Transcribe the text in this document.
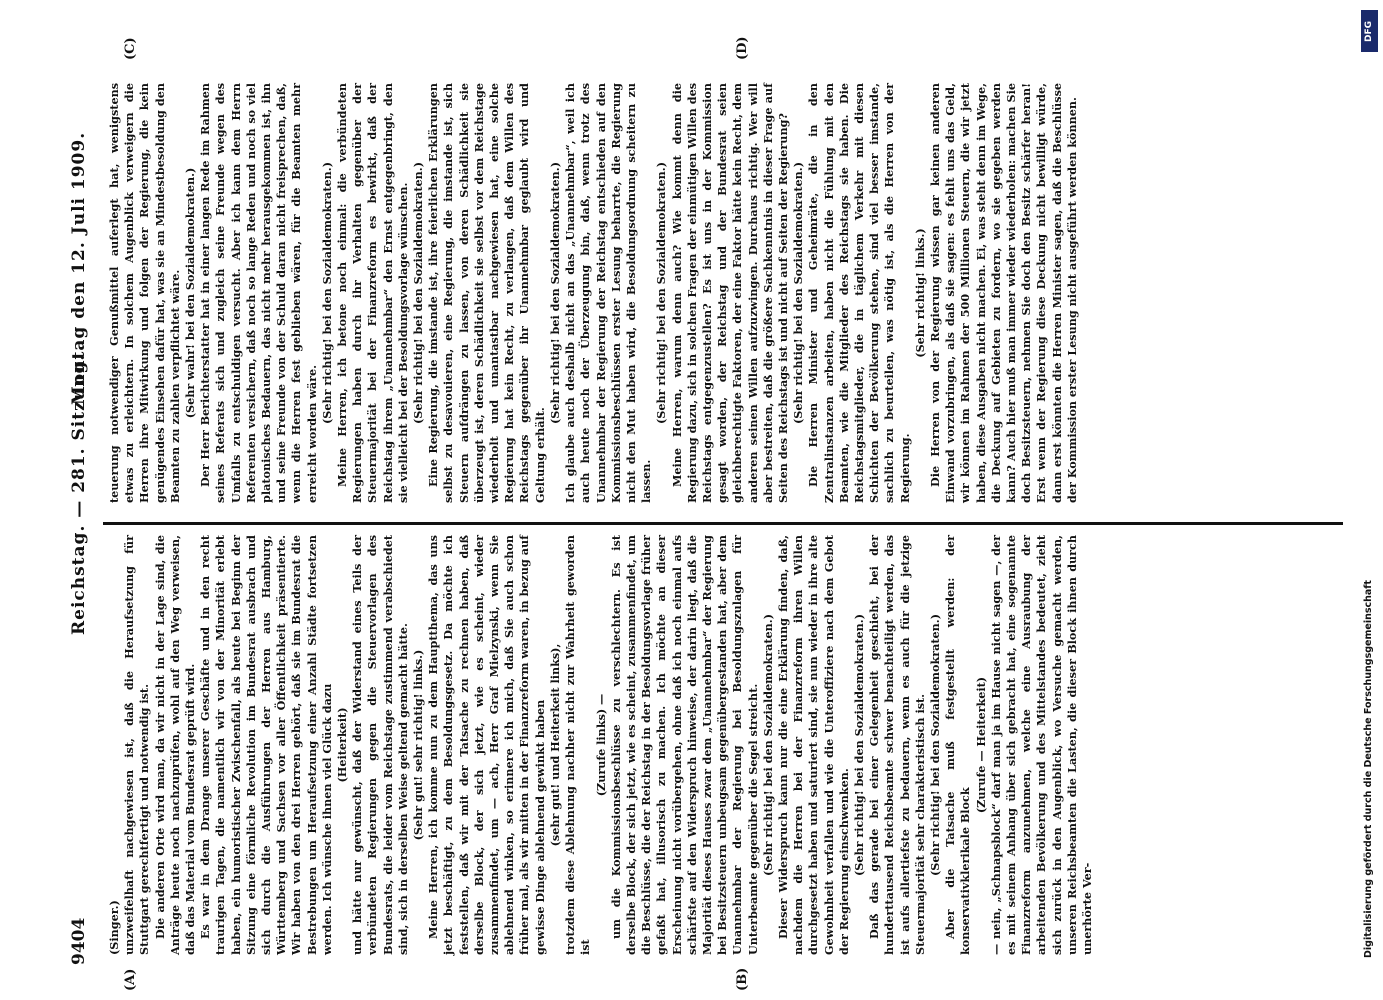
9404
Reichstag. — 281. Sitzung.
Montag den 12. Juli 1909.

(Singer.) unzweifelhaft nachgewiesen ist, daß die Heraufsetzung für Stuttgart gerechtfertigt und notwendig ist. Die anderen Orte wird man, da wir nicht in der Lage sind, die Anträge heute noch nachzuprüfen, wohl auf den Weg verweisen, daß das Material vom Bundesrat geprüft wird. Es war in dem Drange unserer Geschäfte und in den recht traurigen Tagen, die namentlich wir von der Minorität erlebt haben, ein humoristischer Zwischenfall, als heute bei Beginn der Sitzung eine förmliche Revolution im Bundesrat ausbrach und sich durch die Ausführungen der Herren aus Hamburg, Württemberg und Sachsen vor aller Öffentlichkeit präsentierte. Wir haben von den drei Herren gehört, daß sie im Bundesrat die Bestrebungen um Heraufsetzung einer Anzahl Städte fortsetzen werden. Ich wünsche ihnen viel Glück dazu (Heiterkeit) und hätte nur gewünscht, daß der Widerstand eines Teils der verbündeten Regierungen gegen die Steuervorlagen des Bundesrats, die leider vom Reichstage zustimmend verabschiedet sind, sich in derselben Weise geltend gemacht hätte. (Sehr gut! sehr richtig! links.) Meine Herren, ich komme nun zu dem Hauptthema, das uns jetzt beschäftigt, zu dem Besoldungsgesetz. Da möchte ich feststellen, daß wir mit der Tatsache zu rechnen haben, daß derselbe Block, der sich jetzt, wie es scheint, wieder zusammenfindet, um — ach, Herr Graf Mielzynski, wenn Sie ablehnend winken, so erinnere ich mich, daß Sie auch schon früher mal, als wir mitten in der Finanzreform waren, in bezug auf gewisse Dinge ablehnend gewinkt haben (sehr gut! und Heiterkeit links), trotzdem diese Ablehnung nachher nicht zur Wahrheit geworden ist

(Zurufe links) — um die Kommissionsbeschlüsse zu verschlechtern. Es ist derselbe Block, der sich jetzt, wie es scheint, zusammenfindet, um die Beschlüsse, die der Reichstag in der Besoldungsvorlage früher gefaßt hat, illusorisch zu machen. Ich möchte an dieser Erscheinung nicht vorübergehen, ohne daß ich noch einmal aufs schärfste auf den Widerspruch hinweise, der darin liegt, daß die Majorität dieses Hauses zwar dem „Unannehmbar“ der Regierung bei Besitzsteuern unbeugsam gegenübergestanden hat, aber dem Unannehmbar der Regierung bei Besoldungszulagen für Unterbeamte gegenüber die Segel streicht. (Sehr richtig! bei den Sozialdemokraten.) Dieser Widerspruch kann nur die eine Erklärung finden, daß, nachdem die Herren bei der Finanzreform ihren Willen durchgesetzt haben und saturiert sind, sie nun wieder in ihre alte Gewohnheit verfallen und wie die Unteroffiziere nach dem Gebot der Regierung einschwenken. (Sehr richtig! bei den Sozialdemokraten.) Daß das gerade bei einer Gelegenheit geschieht, bei der hunderttausend Reichsbeamte schwer benachteiligt werden, das ist aufs allertiefste zu bedauern, wenn es auch für die jetzige Steuermajorität sehr charakteristisch ist. (Sehr richtig! bei den Sozialdemokraten.) Aber die Tatsache muß festgestellt werden: der konservativklerikale Block

(Zurufe — Heiterkeit) — nein, „Schnapsblock“ darf man ja im Hause nicht sagen —, der es mit seinem Anhang über sich gebracht hat, eine sogenannte Finanzreform anzunehmen, welche eine Ausraubung der arbeitenden Bevölkerung und des Mittelstandes bedeutet, zieht sich zurück in den Augenblick, wo Versuche gemacht werden, unseren Reichsbeamten die Lasten, die dieser Block ihnen durch unerhörte Ver-

teuerung notwendiger Genußmittel auferlegt hat, wenigstens etwas zu erleichtern. In solchem Augenblick verweigern die Herren ihre Mitwirkung und folgen der Regierung, die kein genügendes Einsehen dafür hat, was sie an Mindestbesoldung den Beamten zu zahlen verpflichtet wäre. (Sehr wahr! bei den Sozialdemokraten.) Der Herr Berichterstatter hat in einer langen Rede im Rahmen seines Referats sich und zugleich seine Freunde wegen des Umfalls zu entschuldigen versucht. Aber ich kann dem Herrn Referenten versichern, daß noch so lange Reden und noch so viel platonisches Bedauern, das nicht mehr herausgekommen ist, ihn und seine Freunde von der Schuld daran nicht freisprechen, daß, wenn die Herren fest geblieben wären, für die Beamten mehr erreicht worden wäre.

(Sehr richtig! bei den Sozialdemokraten.) Meine Herren, ich betone noch einmal: die verbündeten Regierungen haben durch ihr Verhalten gegenüber der Steuermajorität bei der Finanzreform es bewirkt, daß der Reichstag ihrem „Unannehmbar“ den Ernst entgegenbringt, den sie vielleicht bei der Besoldungsvorlage wünschen. (Sehr richtig! bei den Sozialdemokraten.) Eine Regierung, die imstande ist, ihre feierlichen Erklärungen selbst zu desavouieren, eine Regierung, die imstande ist, sich Steuern aufdrängen zu lassen, von deren Schädlichkeit sie überzeugt ist, deren Schädlichkeit sie selbst vor dem Reichstage wiederholt und unantastbar nachgewiesen hat, eine solche Regierung hat kein Recht, zu verlangen, daß dem Willen des Reichstags gegenüber ihr Unannehmbar geglaubt wird und Geltung erhält.

(Sehr richtig! bei den Sozialdemokraten.) Ich glaube auch deshalb nicht an das „Unannehmbar“, weil ich auch heute noch der Überzeugung bin, daß, wenn trotz des Unannehmbar der Regierung der Reichstag entschieden auf den Kommissionsbeschlüssen erster Lesung beharrte, die Regierung nicht den Mut haben wird, die Besoldungsordnung scheitern zu lassen.

(Sehr richtig! bei den Sozialdemokraten.) Meine Herren, warum denn auch? Wie kommt denn die Regierung dazu, sich in solchen Fragen der einmütigen Willen des Reichstags entgegenzustellen? Es ist uns in der Kommission gesagt worden, der Reichstag und der Bundesrat seien gleichberechtigte Faktoren, der eine Faktor hätte kein Recht, dem anderen seinen Willen aufzuzwingen. Durchaus richtig. Wer will aber bestreiten, daß die größere Sachkenntnis in dieser Frage auf Seiten des Reichstags ist und nicht auf Seiten der Regierung? (Sehr richtig! bei den Sozialdemokraten.) Die Herren Minister und Geheimräte, die in den Zentralinstanzen arbeiten, haben nicht die Fühlung mit den Beamten, wie die Mitglieder des Reichstags sie haben. Die Reichstagsmitglieder, die in täglichem Verkehr mit diesen Schichten der Bevölkerung stehen, sind viel besser imstande, sachlich zu beurteilen, was nötig ist, als die Herren von der Regierung.

(Sehr richtig! links.) Die Herren von der Regierung wissen gar keinen anderen Einwand vorzubringen, als daß sie sagen: es fehlt uns das Geld, wir können im Rahmen der 500 Millionen Steuern, die wir jetzt haben, diese Ausgaben nicht machen. Ei, was steht denn im Wege, die Deckung auf Gebieten zu fordern, wo sie gegeben werden kann? Auch hier muß man immer wieder wiederholen: machen Sie doch Besitzsteuern, nehmen Sie doch den Besitz schärfer heran! Erst wenn der Regierung diese Deckung nicht bewilligt würde, dann erst könnten die Herren Minister sagen, daß die Beschlüsse der Kommission erster Lesung nicht ausgeführt werden können.

(A)	(B)
(C)	(D)
DFG
Digitalisierung gefördert durch die Deutsche Forschungsgemeinschaft
